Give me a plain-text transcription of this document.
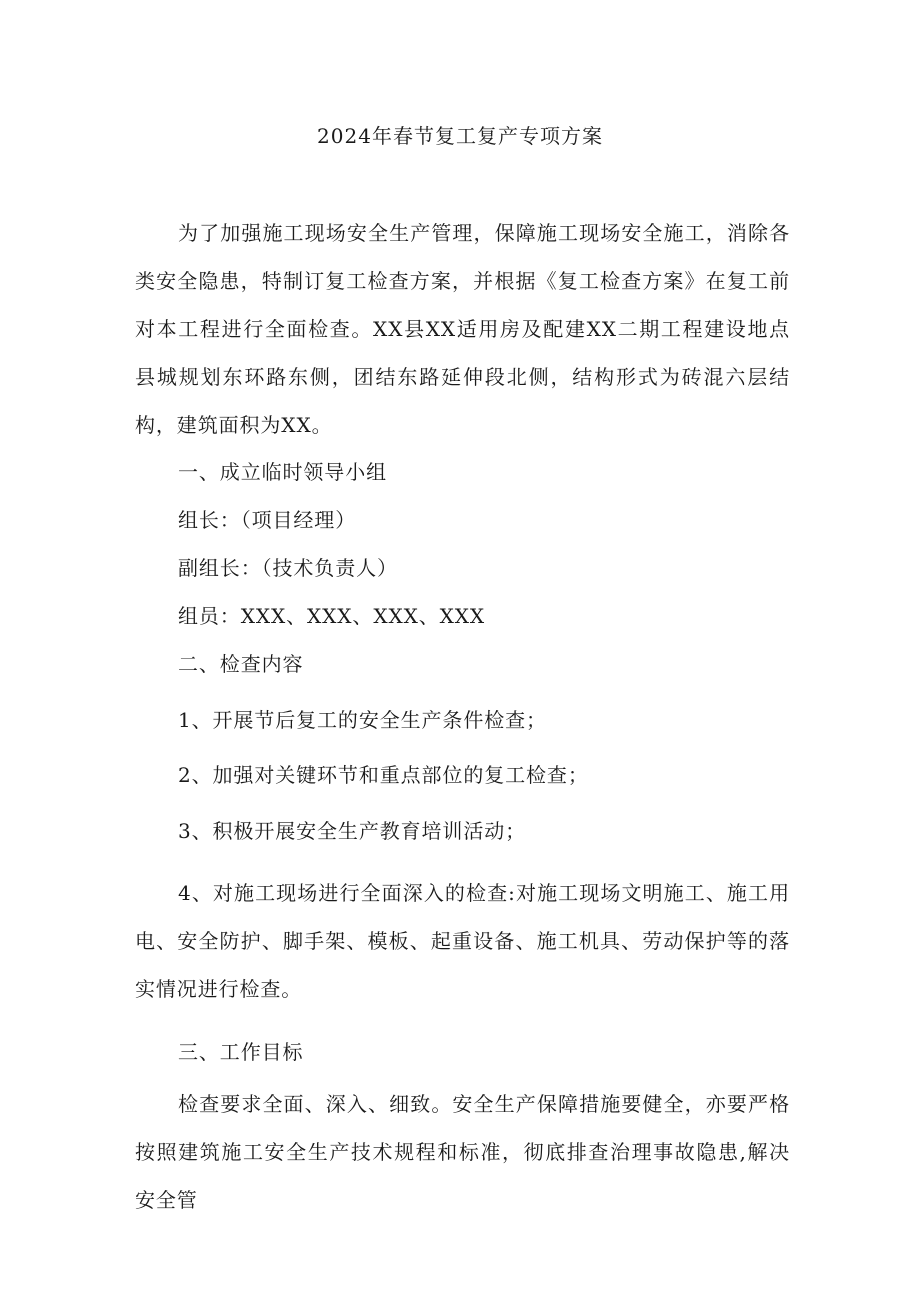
2024年春节复工复产专项方案
为了加强施工现场安全生产管理，保障施工现场安全施工，消除各类安全隐患，特制订复工检查方案，并根据《复工检查方案》在复工前对本工程进行全面检查。XX县XX适用房及配建XX二期工程建设地点县城规划东环路东侧，团结东路延伸段北侧，结构形式为砖混六层结构，建筑面积为XX。
一、成立临时领导小组
组长：（项目经理）
副组长：（技术负责人）
组员：XXX、XXX、XXX、XXX
二、检查内容
1、开展节后复工的安全生产条件检查；
2、加强对关键环节和重点部位的复工检查；
3、积极开展安全生产教育培训活动；
4、对施工现场进行全面深入的检查:对施工现场文明施工、施工用电、安全防护、脚手架、模板、起重设备、施工机具、劳动保护等的落实情况进行检查。
三、工作目标
检查要求全面、深入、细致。安全生产保障措施要健全，亦要严格按照建筑施工安全生产技术规程和标准，彻底排查治理事故隐患,解决安全管
